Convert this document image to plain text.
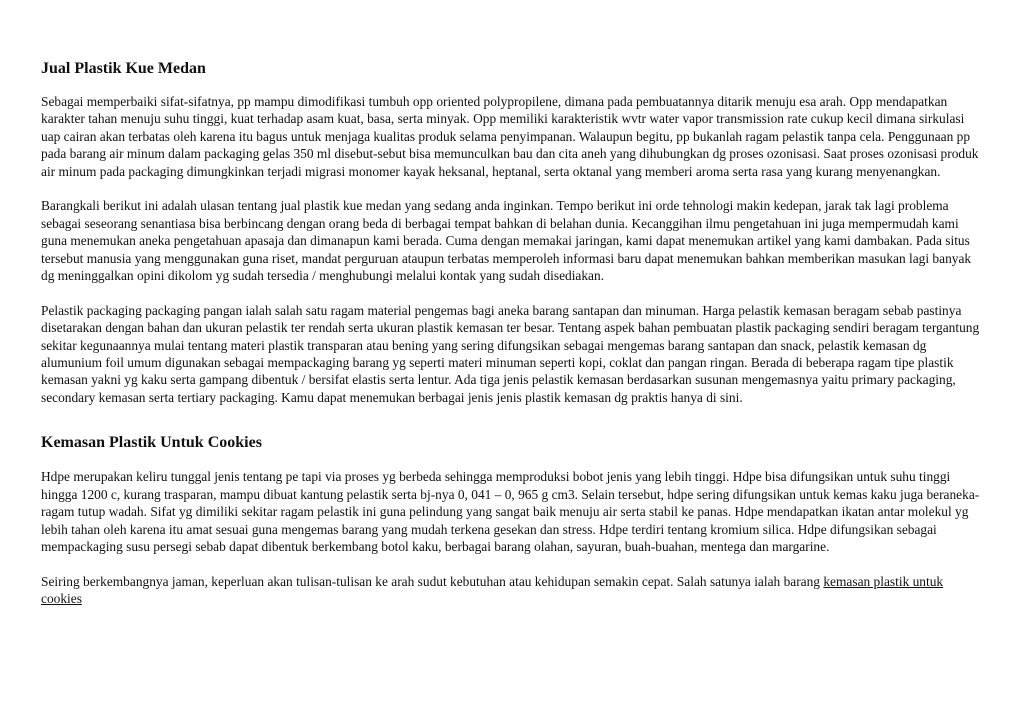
Jual Plastik Kue Medan

Sebagai memperbaiki sifat-sifatnya, pp mampu dimodifikasi tumbuh opp oriented polypropilene, dimana pada pembuatannya ditarik menuju esa arah. Opp mendapatkan karakter tahan menuju suhu tinggi, kuat terhadap asam kuat, basa, serta minyak. Opp memiliki karakteristik wvtr water vapor transmission rate cukup kecil dimana sirkulasi uap cairan akan terbatas oleh karena itu bagus untuk menjaga kualitas produk selama penyimpanan. Walaupun begitu, pp bukanlah ragam pelastik tanpa cela. Penggunaan pp pada barang air minum dalam packaging gelas 350 ml disebut-sebut bisa memunculkan bau dan cita aneh yang dihubungkan dg proses ozonisasi. Saat proses ozonisasi produk air minum pada packaging dimungkinkan terjadi migrasi monomer kayak heksanal, heptanal, serta oktanal yang memberi aroma serta rasa yang kurang menyenangkan.

Barangkali berikut ini adalah ulasan tentang jual plastik kue medan yang sedang anda inginkan. Tempo berikut ini orde tehnologi makin kedepan, jarak tak lagi problema sebagai seseorang senantiasa bisa berbincang dengan orang beda di berbagai tempat bahkan di belahan dunia. Kecanggihan ilmu pengetahuan ini juga mempermudah kami guna menemukan aneka pengetahuan apasaja dan dimanapun kami berada. Cuma dengan memakai jaringan, kami dapat menemukan artikel yang kami dambakan. Pada situs tersebut manusia yang menggunakan guna riset, mandat perguruan ataupun terbatas memperoleh informasi baru dapat menemukan bahkan memberikan masukan lagi banyak dg meninggalkan opini dikolom yg sudah tersedia / menghubungi melalui kontak yang sudah disediakan.

Pelastik packaging packaging pangan ialah salah satu ragam material pengemas bagi aneka barang santapan dan minuman. Harga pelastik kemasan beragam sebab pastinya disetarakan dengan bahan dan ukuran pelastik ter rendah serta ukuran plastik kemasan ter besar. Tentang aspek bahan pembuatan plastik packaging sendiri beragam tergantung sekitar kegunaannya mulai tentang materi plastik transparan atau bening yang sering difungsikan sebagai mengemas barang santapan dan snack, pelastik kemasan dg alumunium foil umum digunakan sebagai mempackaging barang yg seperti materi minuman seperti kopi, coklat dan pangan ringan. Berada di beberapa ragam tipe plastik kemasan yakni yg kaku serta gampang dibentuk / bersifat elastis serta lentur. Ada tiga jenis pelastik kemasan berdasarkan susunan mengemasnya yaitu primary packaging, secondary kemasan serta tertiary packaging. Kamu dapat menemukan berbagai jenis jenis plastik kemasan dg praktis hanya di sini.

Kemasan Plastik Untuk Cookies

Hdpe merupakan keliru tunggal jenis tentang pe tapi via proses yg berbeda sehingga memproduksi bobot jenis yang lebih tinggi. Hdpe bisa difungsikan untuk suhu tinggi hingga 1200 c, kurang trasparan, mampu dibuat kantung pelastik serta bj-nya 0, 041 – 0, 965 g cm3. Selain tersebut, hdpe sering difungsikan untuk kemas kaku juga beraneka-ragam tutup wadah. Sifat yg dimiliki sekitar ragam pelastik ini guna pelindung yang sangat baik menuju air serta stabil ke panas. Hdpe mendapatkan ikatan antar molekul yg lebih tahan oleh karena itu amat sesuai guna mengemas barang yang mudah terkena gesekan dan stress. Hdpe terdiri tentang kromium silica. Hdpe difungsikan sebagai mempackaging susu persegi sebab dapat dibentuk berkembang botol kaku, berbagai barang olahan, sayuran, buah-buahan, mentega dan margarine.

Seiring berkembangnya jaman, keperluan akan tulisan-tulisan ke arah sudut kebutuhan atau kehidupan semakin cepat. Salah satunya ialah barang kemasan plastik untuk cookies
